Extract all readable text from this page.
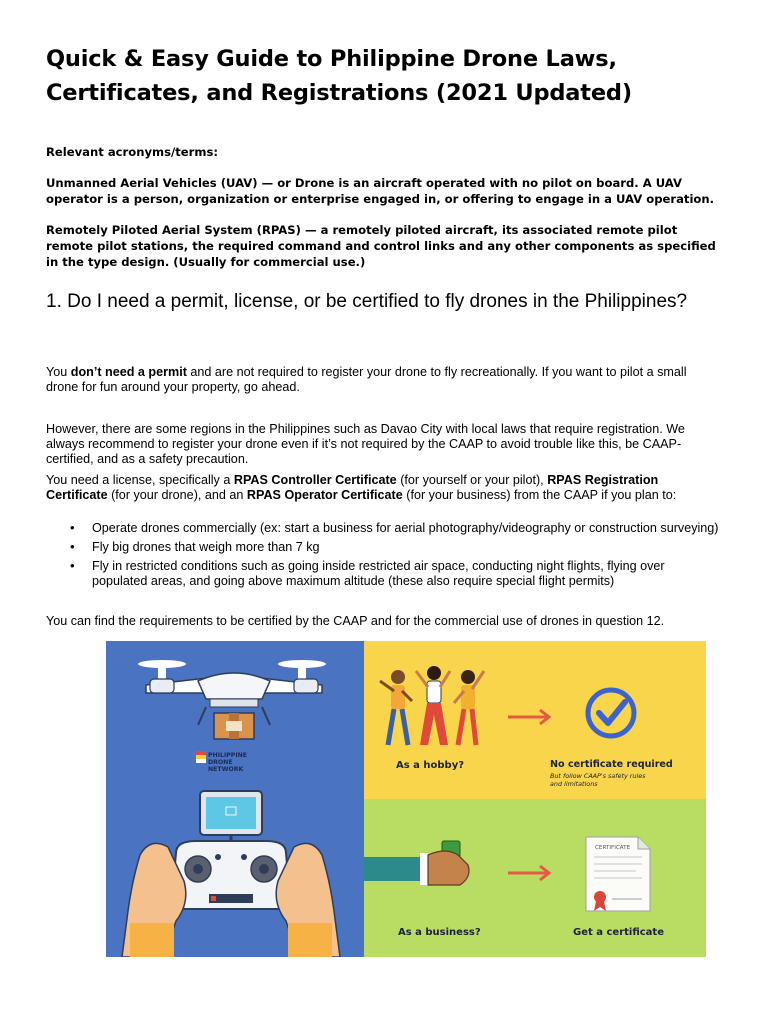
Quick & Easy Guide to Philippine Drone Laws, Certificates, and Registrations (2021 Updated)
Relevant acronyms/terms:
Unmanned Aerial Vehicles (UAV) — or Drone is an aircraft operated with no pilot on board. A UAV operator is a person, organization or enterprise engaged in, or offering to engage in a UAV operation.
Remotely Piloted Aerial System (RPAS) — a remotely piloted aircraft, its associated remote pilot remote pilot stations, the required command and control links and any other components as specified in the type design. (Usually for commercial use.)
1. Do I need a permit, license, or be certified to fly drones in the Philippines?
You don’t need a permit and are not required to register your drone to fly recreationally. If you want to pilot a small drone for fun around your property, go ahead.
However, there are some regions in the Philippines such as Davao City with local laws that require registration. We always recommend to register your drone even if it’s not required by the CAAP to avoid trouble like this, be CAAP-certified, and as a safety precaution.
You need a license, specifically a RPAS Controller Certificate (for yourself or your pilot), RPAS Registration Certificate (for your drone), and an RPAS Operator Certificate (for your business) from the CAAP if you plan to:
• Operate drones commercially (ex: start a business for aerial photography/videography or construction surveying)
• Fly big drones that weigh more than 7 kg
• Fly in restricted conditions such as going inside restricted air space, conducting night flights, flying over populated areas, and going above maximum altitude (these also require special flight permits)
You can find the requirements to be certified by the CAAP and for the commercial use of drones in question 12.
PHILIPPINE
DRONE
NETWORK	As a hobby?	No certificate required
But follow CAAP's safety rules
and limitations
As a business?
CERTIFICATE
Get a certificate
